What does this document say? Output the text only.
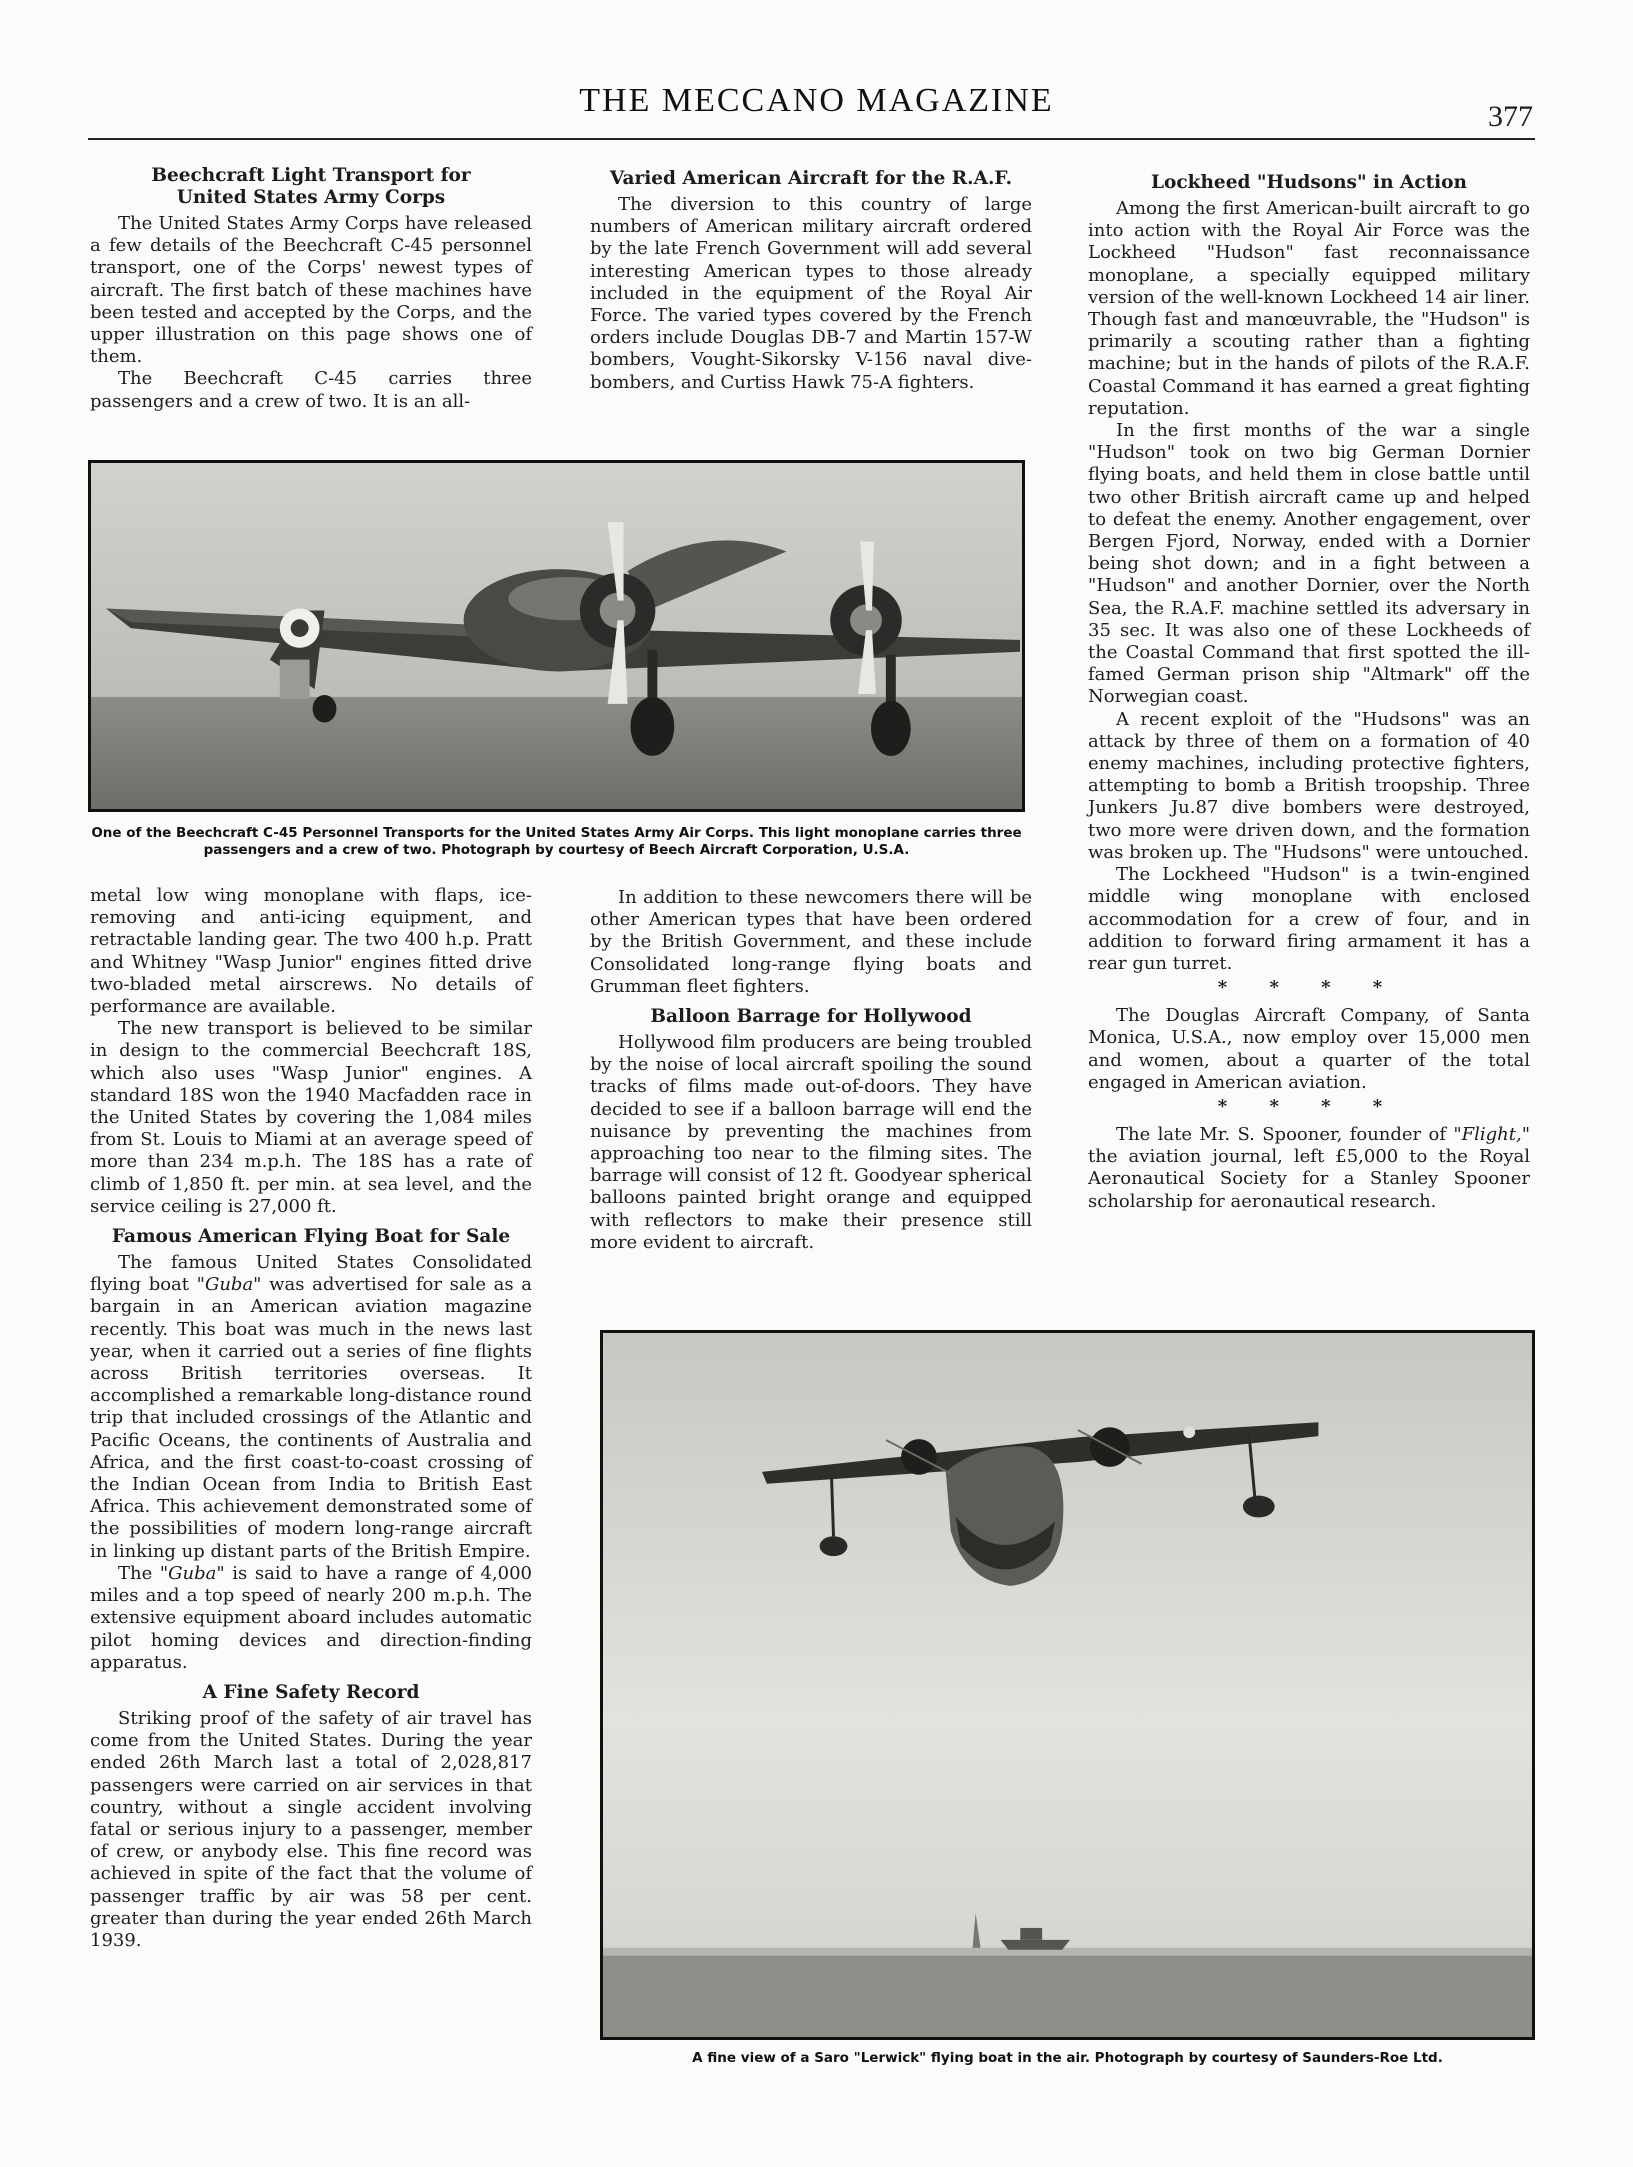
THE MECCANO MAGAZINE	377
Beechcraft Light Transport for United States Army Corps

The United States Army Corps have released a few details of the Beechcraft C-45 personnel transport, one of the Corps' newest types of aircraft. The first batch of these machines have been tested and accepted by the Corps, and the upper illustration on this page shows one of them.

The Beechcraft C-45 carries three passengers and a crew of two. It is an all-

Varied American Aircraft for the R.A.F.

The diversion to this country of large numbers of American military aircraft ordered by the late French Government will add several interesting American types to those already included in the equipment of the Royal Air Force. The varied types covered by the French orders include Douglas DB-7 and Martin 157-W bombers, Vought-Sikorsky V-156 naval dive-bombers, and Curtiss Hawk 75-A fighters.

Lockheed "Hudsons" in Action

Among the first American-built aircraft to go into action with the Royal Air Force was the Lockheed "Hudson" fast reconnaissance monoplane, a specially equipped military version of the well-known Lockheed 14 air liner. Though fast and manœuvrable, the "Hudson" is primarily a scouting rather than a fighting machine; but in the hands of pilots of the R.A.F. Coastal Command it has earned a great fighting reputation.

In the first months of the war a single "Hudson" took on two big German Dornier flying boats, and held them in close battle until two other British aircraft came up and helped to defeat the enemy. Another engagement, over Bergen Fjord, Norway, ended with a Dornier being shot down; and in a fight between a "Hudson" and another Dornier, over the North Sea, the R.A.F. machine settled its adversary in 35 sec. It was also one of these Lockheeds of the Coastal Command that first spotted the ill-famed German prison ship "Altmark" off the Norwegian coast.

A recent exploit of the "Hudsons" was an attack by three of them on a formation of 40 enemy machines, including protective fighters, attempting to bomb a British troopship. Three Junkers Ju.87 dive bombers were destroyed, two more were driven down, and the formation was broken up. The "Hudsons" were untouched.

The Lockheed "Hudson" is a twin-engined middle wing monoplane with enclosed accommodation for a crew of four, and in addition to forward firing armament it has a rear gun turret.

* * * *

The Douglas Aircraft Company, of Santa Monica, U.S.A., now employ over 15,000 men and women, about a quarter of the total engaged in American aviation.

* * * *

The late Mr. S. Spooner, founder of "Flight," the aviation journal, left £5,000 to the Royal Aeronautical Society for a Stanley Spooner scholarship for aeronautical research.

One of the Beechcraft C-45 Personnel Transports for the United States Army Air Corps. This light monoplane carries three passengers and a crew of two. Photograph by courtesy of Beech Aircraft Corporation, U.S.A.

metal low wing monoplane with flaps, ice-removing and anti-icing equipment, and retractable landing gear. The two 400 h.p. Pratt and Whitney "Wasp Junior" engines fitted drive two-bladed metal airscrews. No details of performance are available.

The new transport is believed to be similar in design to the commercial Beechcraft 18S, which also uses "Wasp Junior" engines. A standard 18S won the 1940 Macfadden race in the United States by covering the 1,084 miles from St. Louis to Miami at an average speed of more than 234 m.p.h. The 18S has a rate of climb of 1,850 ft. per min. at sea level, and the service ceiling is 27,000 ft.

Famous American Flying Boat for Sale

The famous United States Consolidated flying boat "Guba" was advertised for sale as a bargain in an American aviation magazine recently. This boat was much in the news last year, when it carried out a series of fine flights across British territories overseas. It accomplished a remarkable long-distance round trip that included crossings of the Atlantic and Pacific Oceans, the continents of Australia and Africa, and the first coast-to-coast crossing of the Indian Ocean from India to British East Africa. This achievement demonstrated some of the possibilities of modern long-range aircraft in linking up distant parts of the British Empire.

The "Guba" is said to have a range of 4,000 miles and a top speed of nearly 200 m.p.h. The extensive equipment aboard includes automatic pilot homing devices and direction-finding apparatus.

A Fine Safety Record

Striking proof of the safety of air travel has come from the United States. During the year ended 26th March last a total of 2,028,817 passengers were carried on air services in that country, without a single accident involving fatal or serious injury to a passenger, member of crew, or anybody else. This fine record was achieved in spite of the fact that the volume of passenger traffic by air was 58 per cent. greater than during the year ended 26th March 1939.

In addition to these newcomers there will be other American types that have been ordered by the British Government, and these include Consolidated long-range flying boats and Grumman fleet fighters.

Balloon Barrage for Hollywood

Hollywood film producers are being troubled by the noise of local aircraft spoiling the sound tracks of films made out-of-doors. They have decided to see if a balloon barrage will end the nuisance by preventing the machines from approaching too near to the filming sites. The barrage will consist of 12 ft. Goodyear spherical balloons painted bright orange and equipped with reflectors to make their presence still more evident to aircraft.

A fine view of a Saro "Lerwick" flying boat in the air. Photograph by courtesy of Saunders-Roe Ltd.
